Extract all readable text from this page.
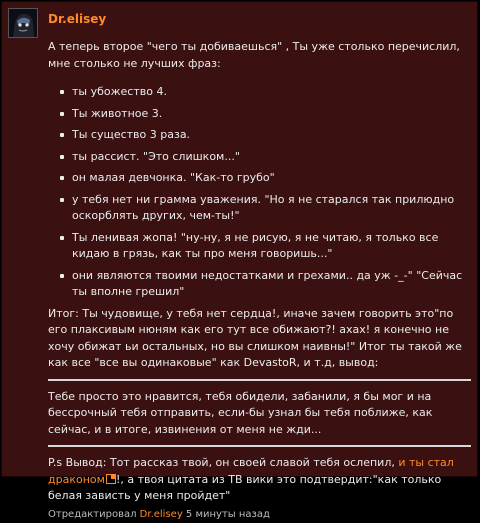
Dr.elisey

А теперь второе "чего ты добиваешься" , Ты уже столько перечислил, мне столько не лучших фраз:

ты убожество 4.
Ты животное 3.
Ты существо 3 раза.
ты рассист. "Это слишком..."
он малая девчонка. "Как-то грубо"
у тебя нет ни грамма уважения. "Но я не старался так прилюдно оскорблять других, чем-ты!"
Ты ленивая жопа! "ну-ну, я не рисую, я не читаю, я только все кидаю в грязь, как ты про меня говоришь..."
они являются твоими недостатками и грехами.. да уж -_-" "Сейчас ты вполне грешил"

Итог: Ты чудовище, у тебя нет сердца!, иначе зачем говорить это"по его плаксивым нюням как его тут все обижают?! ахах! я конечно не хочу обижат ьи остальных, но вы слишком наивны!" Итог ты такой же как все "все вы одинаковые" как DevastoR, и т.д, вывод:

Тебе просто это нравится, тебя обидели, забанили, я бы мог и на бессрочный тебя отправить, если-бы узнал бы тебя поближе, как сейчас, и в итоге, извинения от меня не жди...

P.s Вывод: Тот рассказ твой, он своей славой тебя ослепил, и ты стал драконом !, а твоя цитата из ТВ вики это подтвердит:"как только белая зависть у меня пройдет"

Отредактировал Dr.elisey 5 минуты назад
